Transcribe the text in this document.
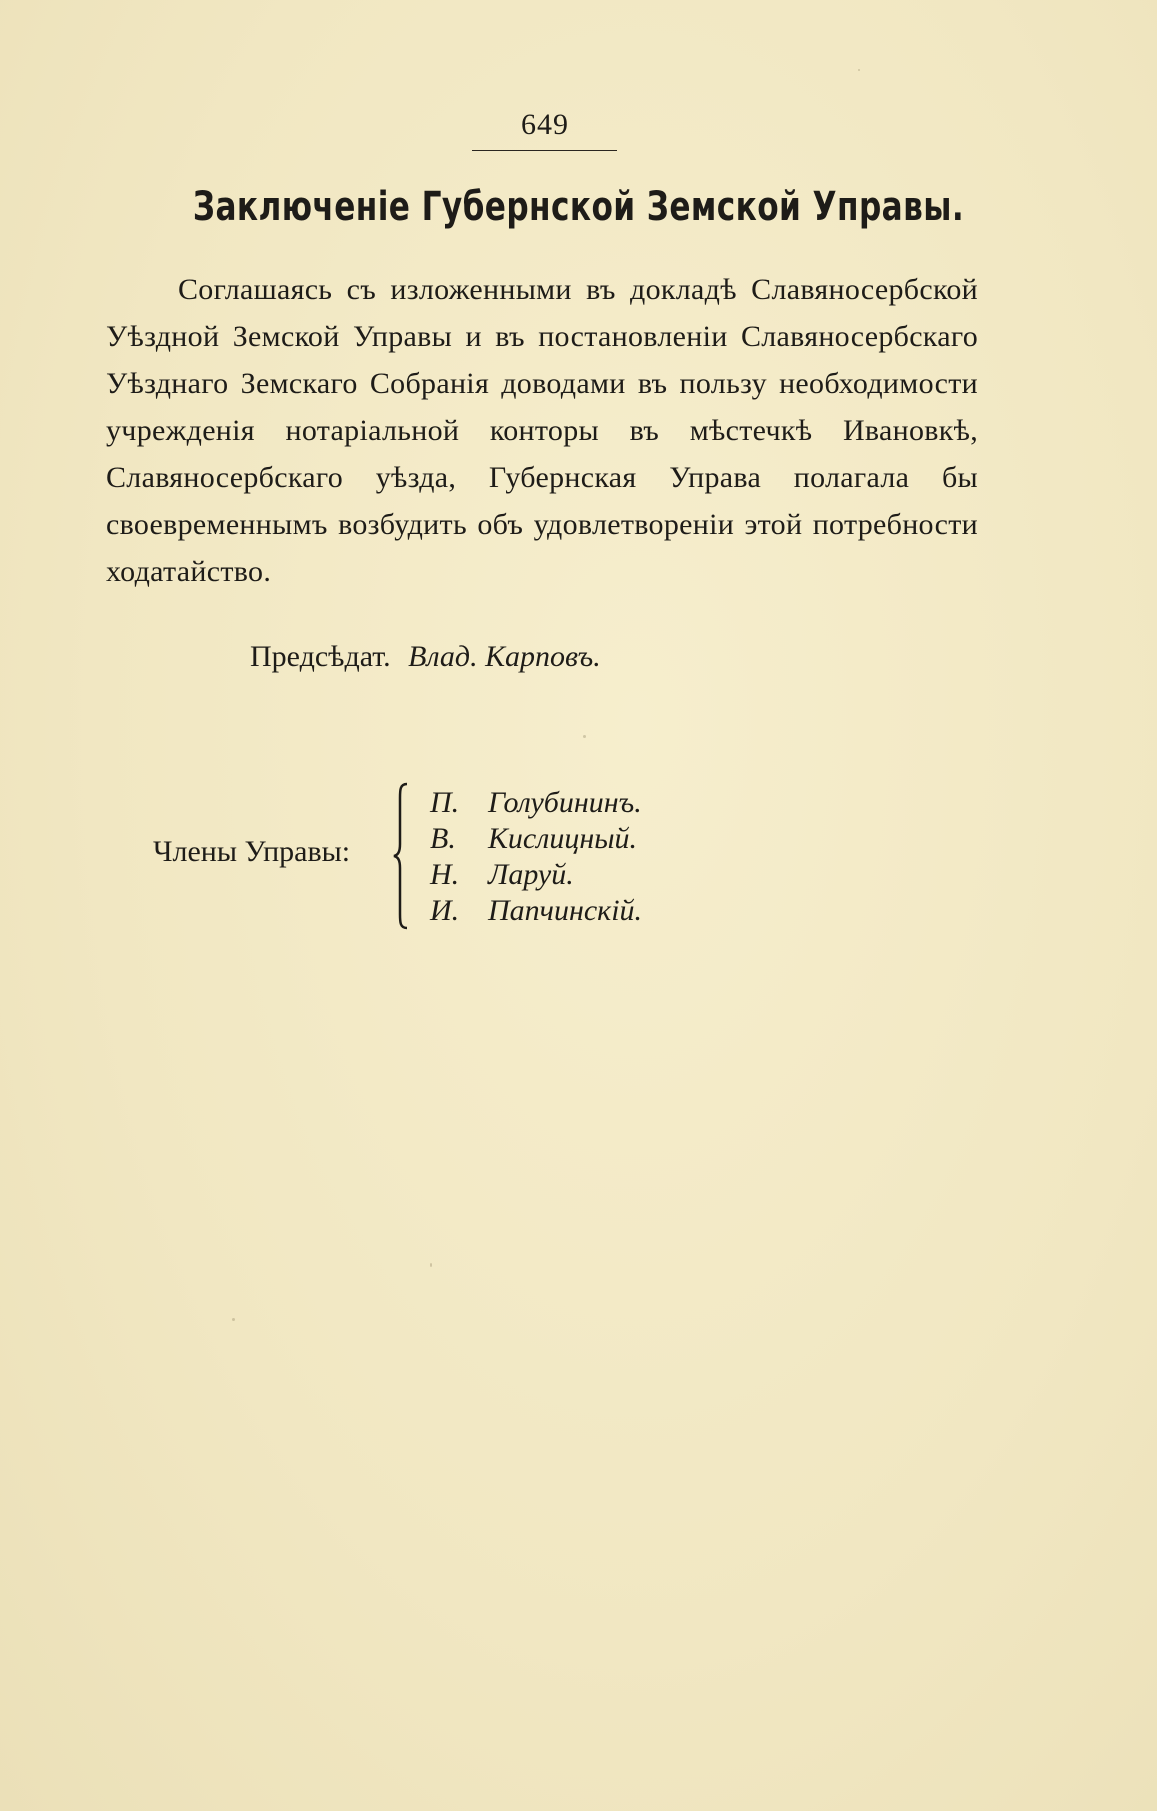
649
Заключеніе Губернской Земской Управы.
Соглашаясь съ изложенными въ докладѣ Славяносербской Уѣздной Земской Управы и въ постановленіи Славяносербскаго Уѣзднаго Земскаго Собранія доводами въ пользу необходимости учрежденія нотаріальной конторы въ мѣстечкѣ Ивановкѣ, Славяносербскаго уѣзда, Губернская Управа полагала бы своевременнымъ возбудить объ удовлетвореніи этой потребности ходатайство.
Предсѣдат. Влад. Карповъ.
Члены Управы:
П. Голубининъ.
В. Кислицный.
Н. Ларуй.
И. Папчинскій.
